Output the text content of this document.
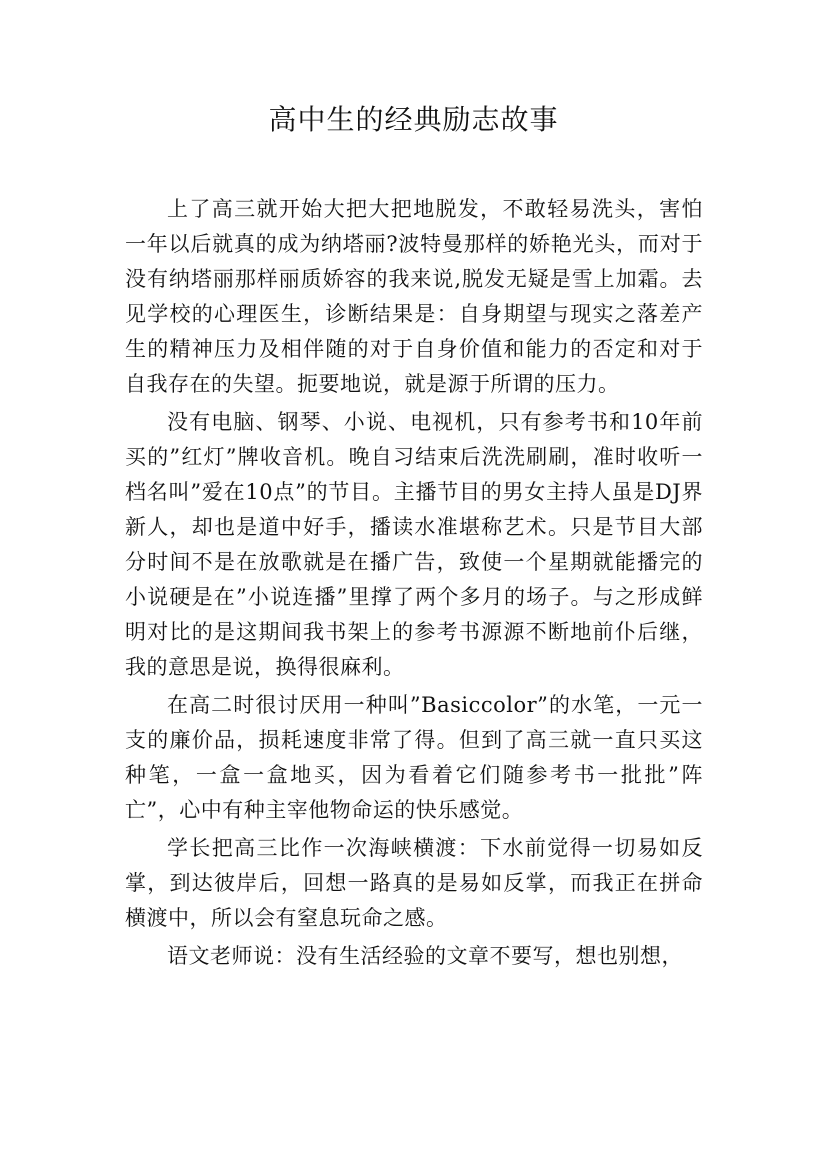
高中生的经典励志故事

上了高三就开始大把大把地脱发，不敢轻易洗头，害怕一年以后就真的成为纳塔丽?波特曼那样的娇艳光头，而对于没有纳塔丽那样丽质娇容的我来说,脱发无疑是雪上加霜。去见学校的心理医生，诊断结果是：自身期望与现实之落差产生的精神压力及相伴随的对于自身价值和能力的否定和对于自我存在的失望。扼要地说，就是源于所谓的压力。

没有电脑、钢琴、小说、电视机，只有参考书和10年前买的”红灯”牌收音机。晚自习结束后洗洗刷刷，准时收听一档名叫”爱在10点”的节目。主播节目的男女主持人虽是DJ界新人，却也是道中好手，播读水准堪称艺术。只是节目大部分时间不是在放歌就是在播广告，致使一个星期就能播完的小说硬是在”小说连播”里撑了两个多月的场子。与之形成鲜明对比的是这期间我书架上的参考书源源不断地前仆后继，我的意思是说，换得很麻利。

在高二时很讨厌用一种叫”Basiccolor”的水笔，一元一支的廉价品，损耗速度非常了得。但到了高三就一直只买这种笔，一盒一盒地买，因为看着它们随参考书一批批”阵亡”，心中有种主宰他物命运的快乐感觉。

学长把高三比作一次海峡横渡：下水前觉得一切易如反掌，到达彼岸后，回想一路真的是易如反掌，而我正在拼命横渡中，所以会有窒息玩命之感。

语文老师说：没有生活经验的文章不要写，想也别想，
